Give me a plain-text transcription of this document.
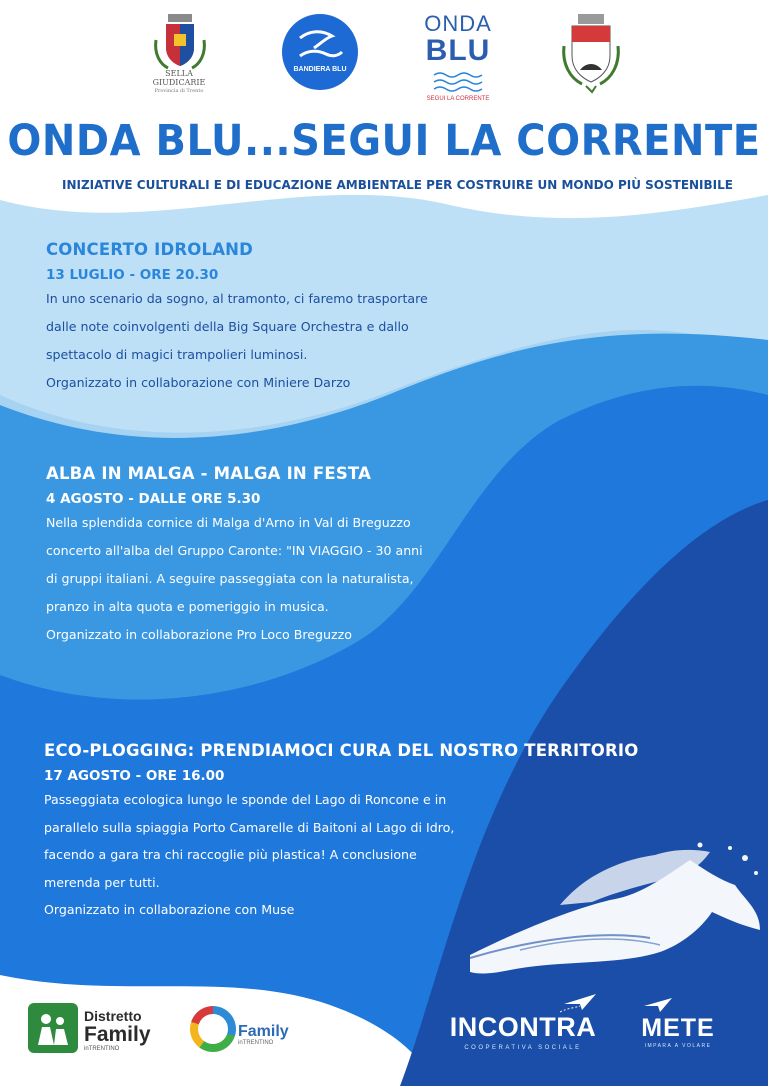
SELLA GIUDICARIE
Provincia di Trento
BANDIERA BLU
ONDA
BLU
SEGUI LA CORRENTE
ONDA BLU...SEGUI LA CORRENTE
INIZIATIVE CULTURALI E DI EDUCAZIONE AMBIENTALE PER COSTRUIRE UN MONDO PIÙ SOSTENIBILE
CONCERTO IDROLAND
13 LUGLIO - ORE 20.30
In uno scenario da sogno, al tramonto, ci faremo trasportare
dalle note coinvolgenti della Big Square Orchestra e dallo
spettacolo di magici trampolieri luminosi.
Organizzato in collaborazione con Miniere Darzo
ALBA IN MALGA - MALGA IN FESTA
4 AGOSTO - DALLE ORE 5.30
Nella splendida cornice di Malga d'Arno in Val di Breguzzo
concerto all'alba del Gruppo Caronte: "IN VIAGGIO - 30 anni
di gruppi italiani. A seguire passeggiata con la naturalista,
pranzo in alta quota e pomeriggio in musica.
Organizzato in collaborazione Pro Loco Breguzzo
ECO-PLOGGING: PRENDIAMOCI CURA DEL NOSTRO TERRITORIO
17 AGOSTO - ORE 16.00
Passeggiata ecologica lungo le sponde del Lago di Roncone e in
parallelo sulla spiaggia Porto Camarelle di Baitoni al Lago di Idro,
facendo a gara tra chi raccoglie più plastica! A conclusione
merenda per tutti.
Organizzato in collaborazione con Muse
Distretto
Family
inTRENTINO
Family
inTRENTINO
INCONTRA
COOPERATIVA SOCIALE
METE
IMPARA A VOLARE
